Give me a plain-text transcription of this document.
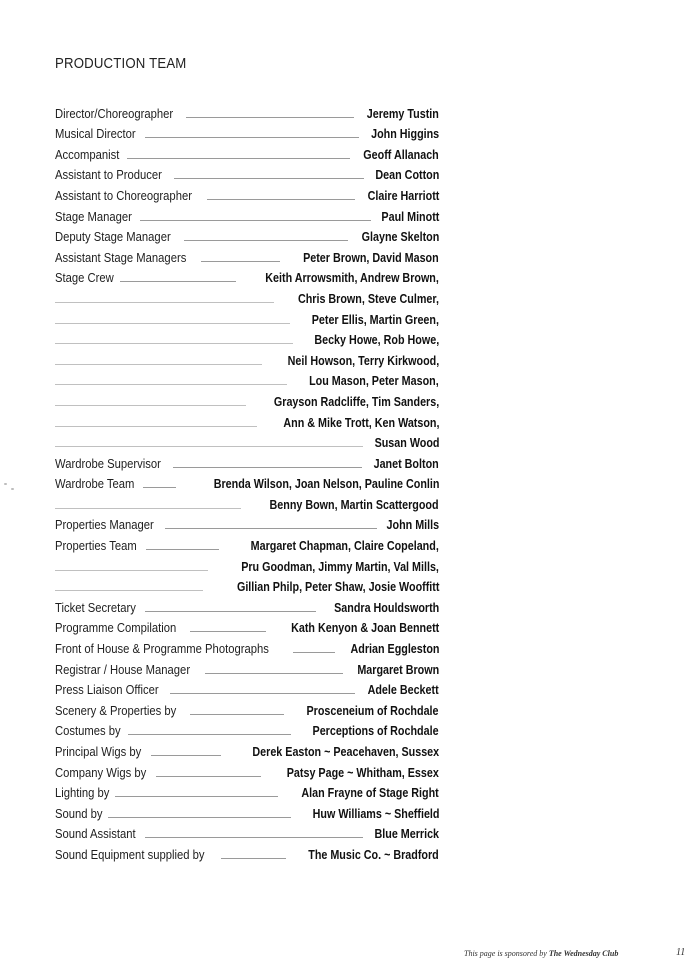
PRODUCTION TEAM
Director/Choreographer	Jeremy Tustin
Musical Director	John Higgins
Accompanist	Geoff Allanach
Assistant to Producer	Dean Cotton
Assistant to Choreographer	Claire Harriott
Stage Manager	Paul Minott
Deputy Stage Manager	Glayne Skelton
Assistant Stage Managers	Peter Brown, David Mason
Stage Crew	Keith Arrowsmith, Andrew Brown,
Chris Brown, Steve Culmer,
Peter Ellis, Martin Green,
Becky Howe, Rob Howe,
Neil Howson, Terry Kirkwood,
Lou Mason, Peter Mason,
Grayson Radcliffe, Tim Sanders,
Ann & Mike Trott, Ken Watson,
Susan Wood
Wardrobe Supervisor	Janet Bolton
Wardrobe Team	Brenda Wilson, Joan Nelson, Pauline Conlin
Benny Bown, Martin Scattergood
Properties Manager	John Mills
Properties Team	Margaret Chapman, Claire Copeland,
Pru Goodman, Jimmy Martin, Val Mills,
Gillian Philp, Peter Shaw, Josie Wooffitt
Ticket Secretary	Sandra Houldsworth
Programme Compilation	Kath Kenyon & Joan Bennett
Front of House & Programme Photographs	Adrian Eggleston
Registrar / House Manager	Margaret Brown
Press Liaison Officer	Adele Beckett
Scenery & Properties by	Prosceneium of Rochdale
Costumes by	Perceptions of Rochdale
Principal Wigs by	Derek Easton ~ Peacehaven, Sussex
Company Wigs by	Patsy Page ~ Whitham, Essex
Lighting by	Alan Frayne of Stage Right
Sound by	Huw Williams ~ Sheffield
Sound Assistant	Blue Merrick
Sound Equipment supplied by	The Music Co. ~ Bradford
This page is sponsored by The Wednesday Club	11
